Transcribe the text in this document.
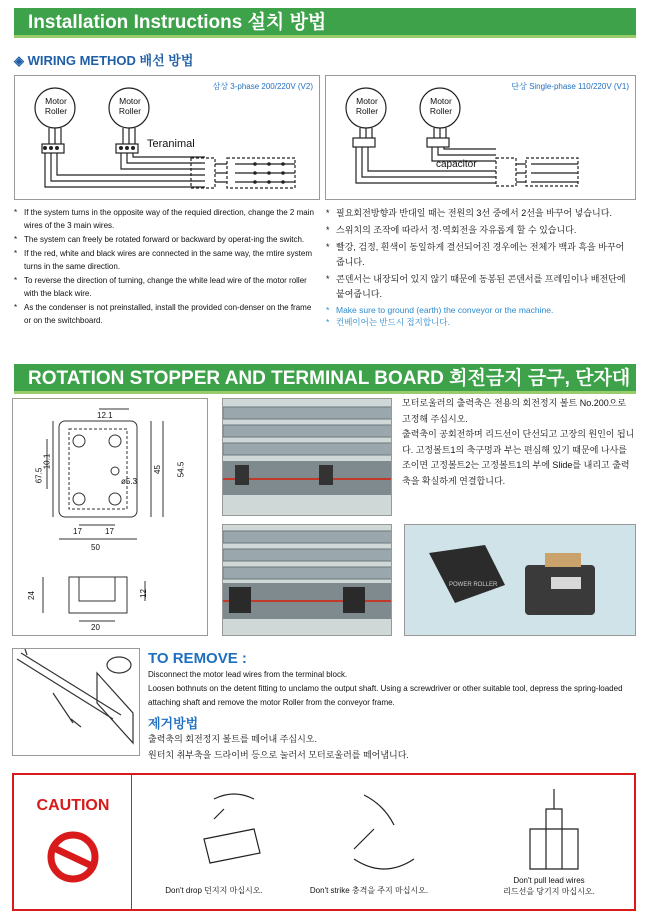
Installation Instructions 설치 방법
◈ WIRING METHOD 배선 방법
삼상 3-phase 200/220V (V2)
Motor
Roller
Motor
Roller
Teranimal
단상 Single-phase 110/220V (V1)
Motor
Roller
Motor
Roller
capacitor

* If the system turns in the opposite way of the requied direction, change the 2 main wires of the 3 main wires.

* The system can freely be rotated forward or backward by operat-ing the switch.

* If the red, white and black wires are connected in the same way, the rntire system turns in the same direction.

* To reverse the direction of turning, change the white lead wire of the motor roller with the black wire.

* As the condenser is not preinstalled, install the provided con-denser on the frame or on the switchboard.

* 필요회전방향과 반대일 때는 전원의 3선 중에서 2선을 바꾸어 넣습니다.

* 스위치의 조작에 따라서 정·역회전을 자유롭게 할 수 있습니다.

* 빨강, 검정, 흰색이 동일하게 결선되어진 경우에는 전체가 백과 흑을 바꾸어 줍니다.

* 콘덴서는 내장되어 있지 않기 때문에 동봉된 콘덴서를 프레임이나 배전단에 붙여줍니다.

* Make sure to ground (earth) the conveyor or the machine.

* 컨베이어는 반드시 접지합니다.

ROTATION STOPPER AND TERMINAL BOARD 회전금지 금구, 단자대
12.1
10.1
67.5	45 54.5
ø5.3
17	17
50
24	12
20
모터로울러의 출력축은 전용의 회전정지 볼트 No.200으로 고정해 주십시오.
출력축이 공회전하며 리드선이 단선되고 고장의 원인이 됩니다. 고정볼트1의 축구멍과 부는 편심해 있기 때문에 나사를
조이면 고정볼트2는 고정볼트1의 부에 Slide를 내리고 출력축을 확실하게 연결합니다.
POWER ROLLER
TO REMOVE :
Disconnect the motor lead wires from the terminal block.
Loosen bothnuts on the detent fitting to unclamo the output shaft. Using a screwdriver or other suitable tool, depress the spring-loaded attaching shaft and remove the motor Roller from the conveyor frame.
제거방법
출력축의 회전정지 볼트를 떼어내 주십시오.
원터치 취부축을 드라이버 등으로 눌러서 모터로울러를 떼어냅니다.
CAUTION
Don't drop 던지지 마십시오.	Don't strike 충격을 주지 마십시오.
Don't pull lead wires
리드선을 당기지 마십시오.
